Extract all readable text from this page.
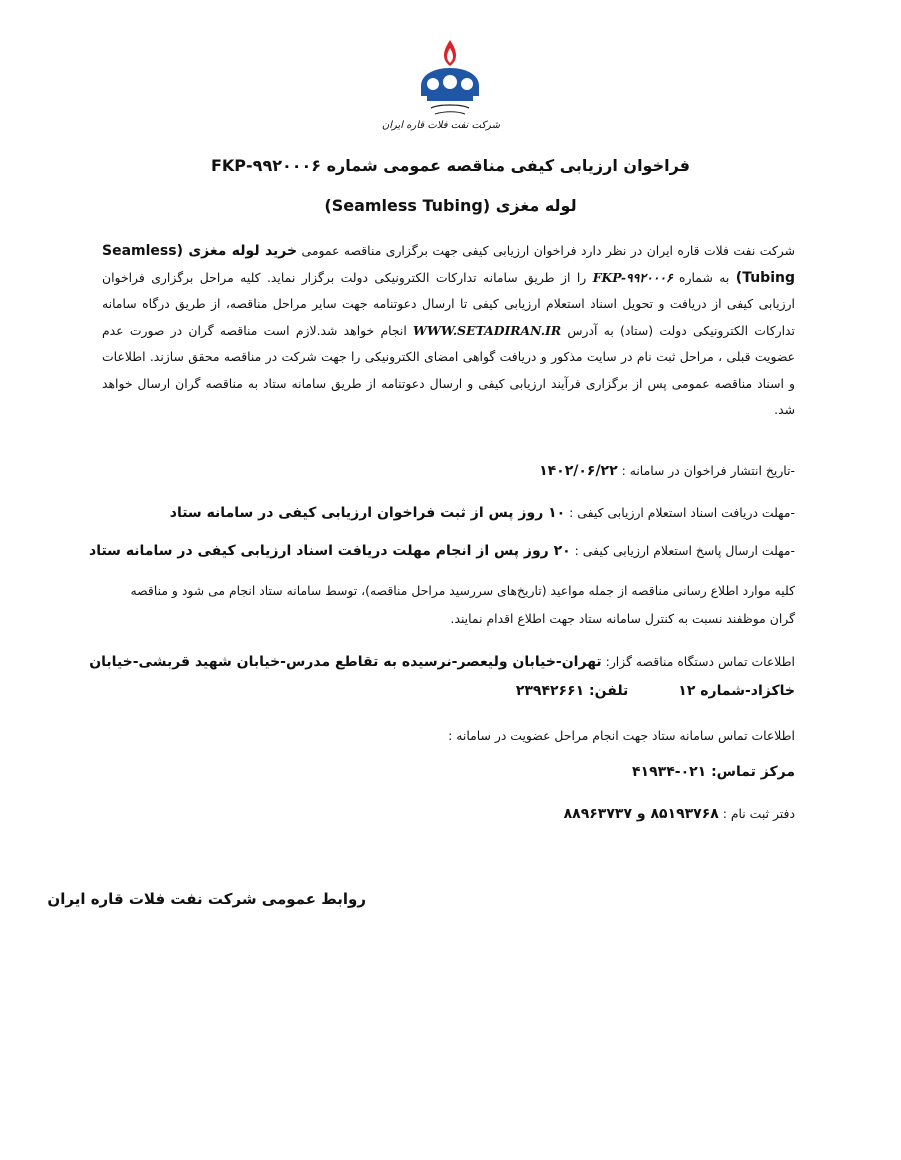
شرکت نفت فلات قاره ایران
فراخوان ارزیابی کیفی مناقصه عمومی شماره ۹۹۲۰۰۰۶-FKP
لوله مغزی (Seamless Tubing)
شرکت نفت فلات قاره ایران در نظر دارد فراخوان ارزیابی کیفی جهت برگزاری مناقصه عمومی خرید لوله مغزی (Seamless Tubing) به شماره FKP-۹۹۲۰۰۰۶ را از طریق سامانه تدارکات الکترونیکی دولت برگزار نماید. کلیه مراحل برگزاری فراخوان ارزیابی کیفی از دریافت و تحویل اسناد استعلام ارزیابی کیفی تا ارسال دعوتنامه جهت سایر مراحل مناقصه، از طریق درگاه سامانه تدارکات الکترونیکی دولت (ستاد) به آدرس WWW.SETADIRAN.IR انجام خواهد شد.لازم است مناقصه گران در صورت عدم عضویت قبلی ، مراحل ثبت نام در سایت مذکور و دریافت گواهی امضای الکترونیکی را جهت شرکت در مناقصه محقق سازند. اطلاعات و اسناد مناقصه عمومی پس از برگزاری فرآیند ارزیابی کیفی و ارسال دعوتنامه از طریق سامانه ستاد به مناقصه گران ارسال خواهد شد.
-تاریخ انتشار فراخوان در سامانه : ۱۴۰۲/۰۶/۲۲
-مهلت دریافت اسناد استعلام ارزیابی کیفی : ۱۰ روز پس از ثبت فراخوان ارزیابی کیفی در سامانه ستاد
-مهلت ارسال پاسخ استعلام ارزیابی کیفی : ۲۰ روز پس از انجام مهلت دریافت اسناد ارزیابی کیفی در سامانه ستاد
کلیه موارد اطلاع رسانی مناقصه از جمله مواعید (تاریخ‌های سررسید مراحل مناقصه)، توسط سامانه ستاد انجام می شود و مناقصه
گران موظفند نسبت به کنترل سامانه ستاد جهت اطلاع اقدام نمایند.
اطلاعات تماس دستگاه مناقصه گزار: تهران-خیابان ولیعصر-نرسیده به تقاطع مدرس-خیابان شهید قربشی-خیابان
خاکزاد-شماره ۱۲تلفن: ۲۳۹۴۲۶۶۱
اطلاعات تماس سامانه ستاد جهت انجام مراحل عضویت در سامانه :
مرکز تماس: ۰۲۱-۴۱۹۳۴
دفتر ثبت نام : ۸۵۱۹۳۷۶۸ و ۸۸۹۶۳۷۳۷
روابط عمومی شرکت نفت فلات قاره ایران
